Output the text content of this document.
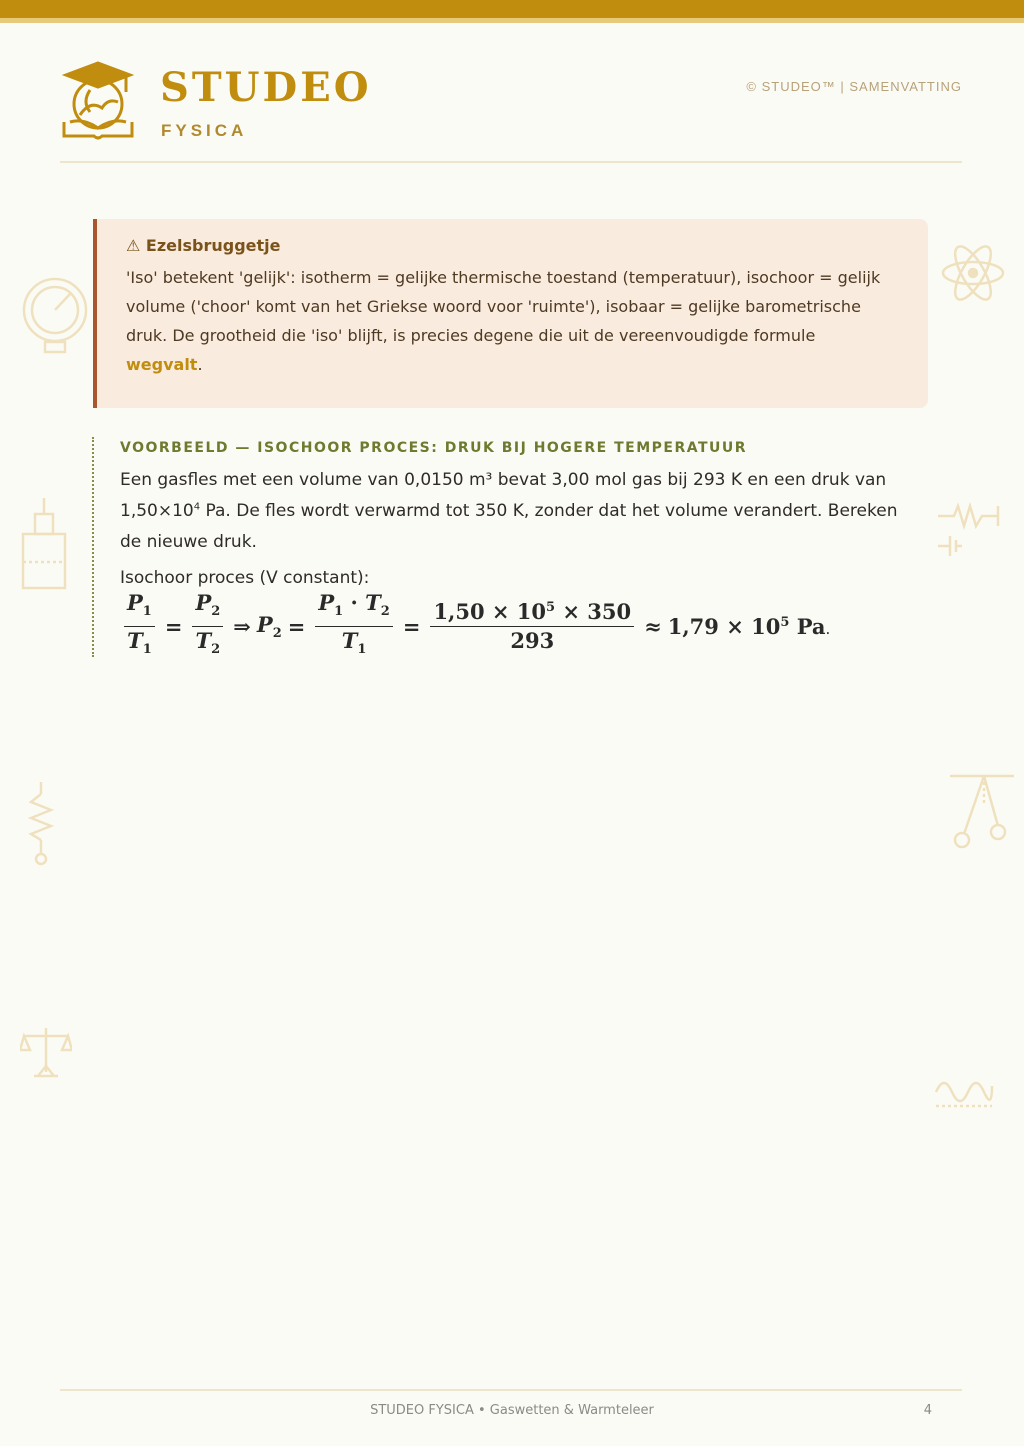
STUDEO
FYSICA
© STUDEO™ | SAMENVATTING
⚠ Ezelsbruggetje
'Iso' betekent 'gelijk': isotherm = gelijke thermische toestand (temperatuur), isochoor = gelijk volume ('choor' komt van het Griekse woord voor 'ruimte'), isobaar = gelijke barometrische druk. De grootheid die 'iso' blijft, is precies degene die uit de vereenvoudigde formule wegvalt.
VOORBEELD — ISOCHOOR PROCES: DRUK BIJ HOGERE TEMPERATUUR
Een gasfles met een volume van 0,0150 m³ bevat 3,00 mol gas bij 293 K en een druk van $1,50\times 10^4$ Pa. De fles wordt verwarmd tot 350 K, zonder dat het volume verandert. Bereken de nieuwe druk.
Isochoor proces (V constant):
$\frac{P_1}{T_1} = \frac{P_2}{T_2}$ ⇒ $P_2 = \frac{P_1 \cdot T_2}{T_1} = \frac{1,50 \times 10^5 \times 350}{293} \approx 1,79 \times 10^5$ Pa.
STUDEO FYSICA • Gaswetten & Warmteleer	4
